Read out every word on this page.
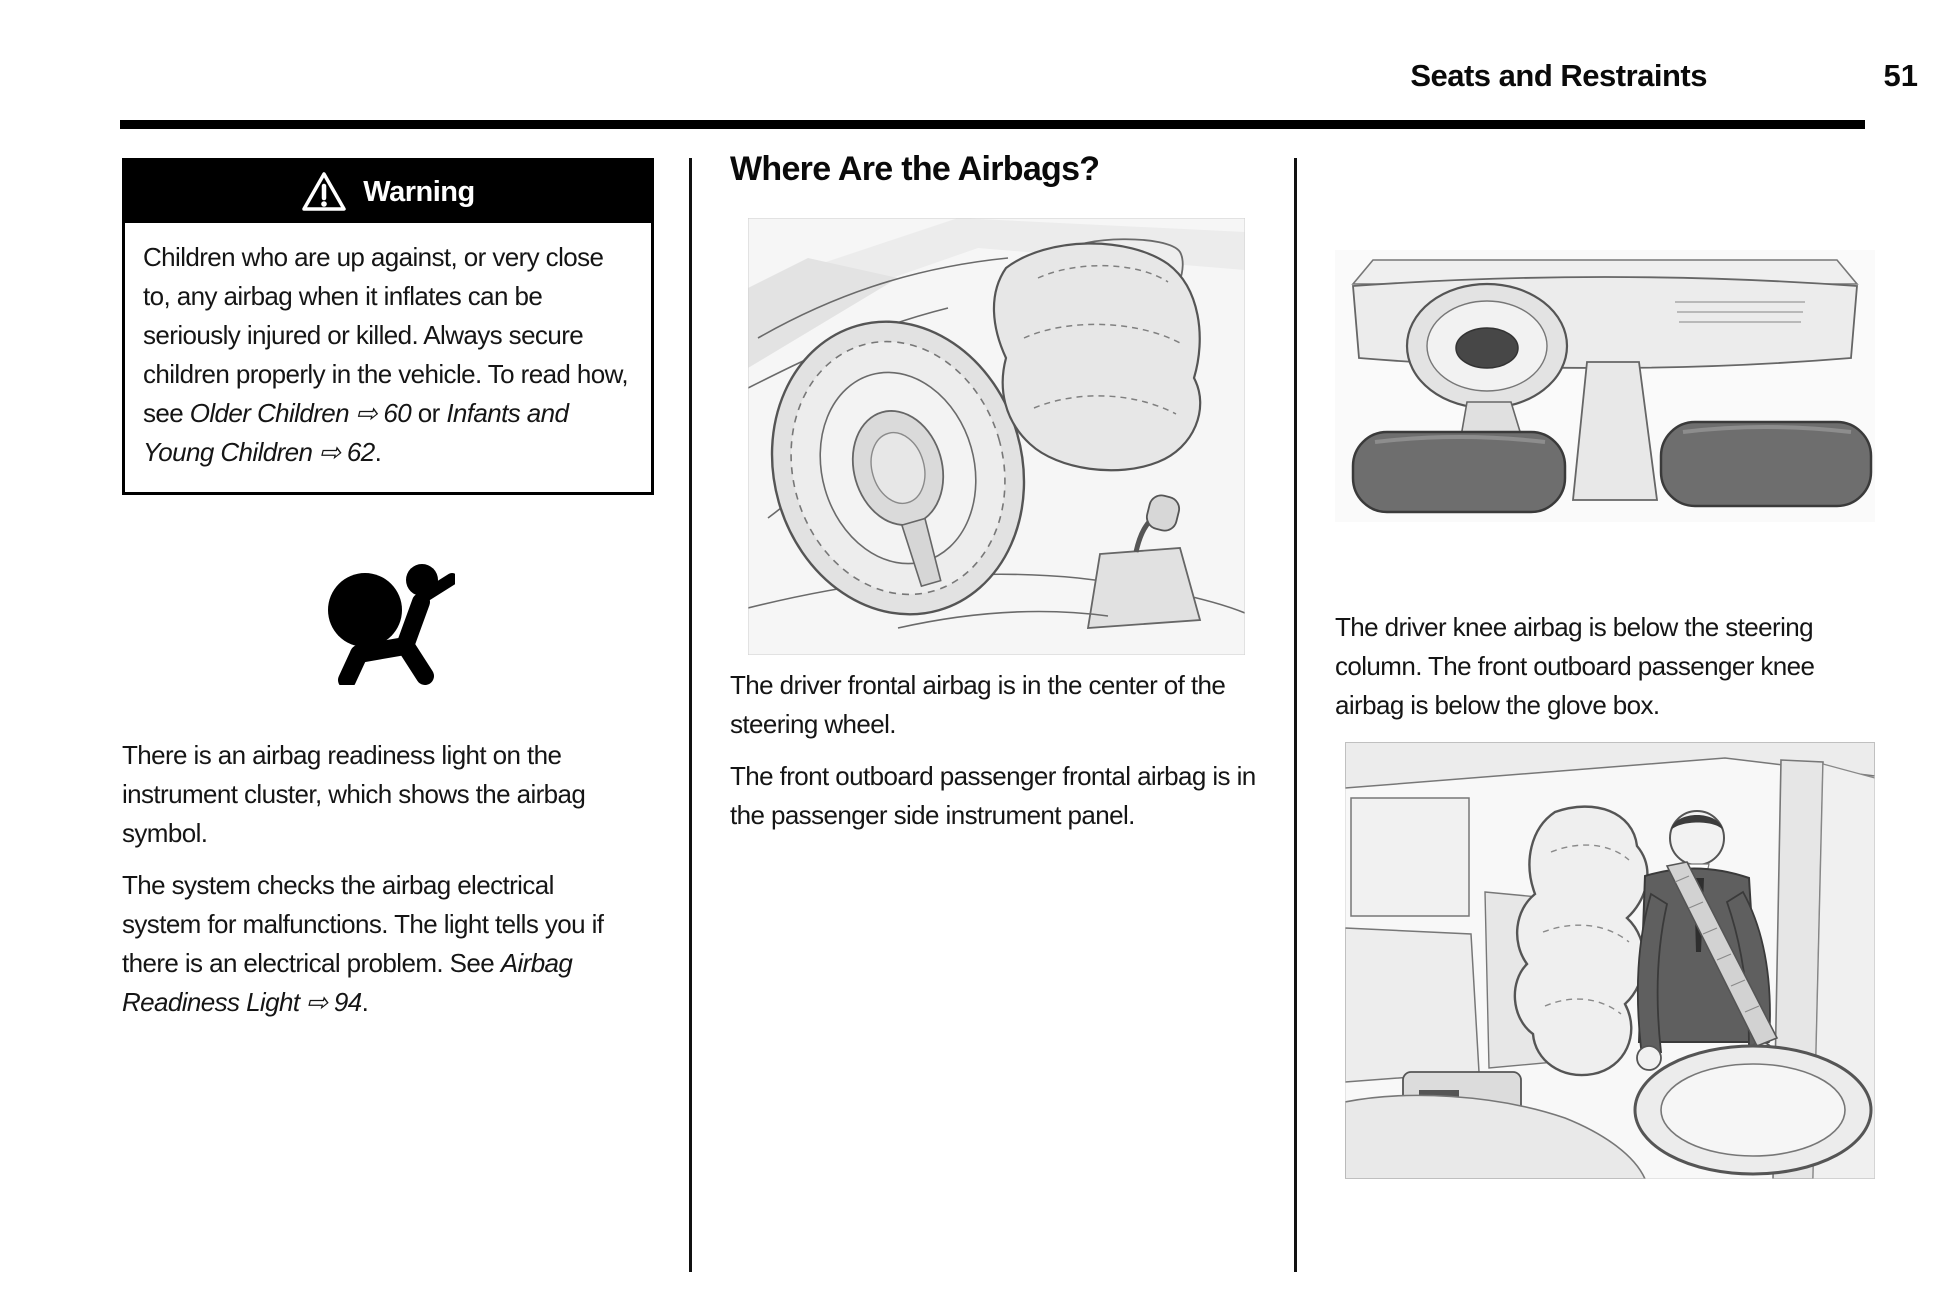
Seats and Restraints	51
Warning

Children who are up against, or very close to, any airbag when it inflates can be seriously injured or killed. Always secure children properly in the vehicle. To read how, see Older Children ⇨ 60 or Infants and Young Children ⇨ 62.

There is an airbag readiness light on the instrument cluster, which shows the airbag symbol.

The system checks the airbag electrical system for malfunctions. The light tells you if there is an electrical problem. See Airbag Readiness Light ⇨ 94.

Where Are the Airbags?

The driver frontal airbag is in the center of the steering wheel.

The front outboard passenger frontal airbag is in the passenger side instrument panel.

The driver knee airbag is below the steering column. The front outboard passenger knee airbag is below the glove box.
